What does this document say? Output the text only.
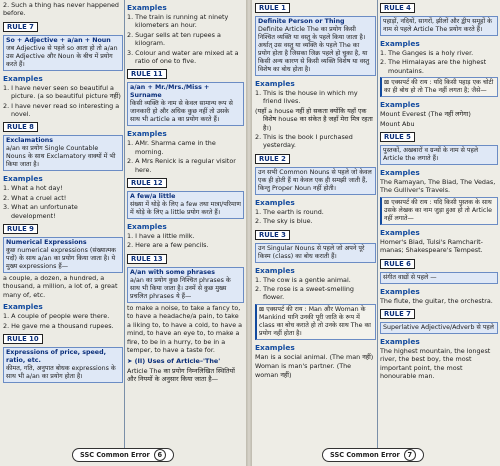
2. Such a thing has never happened before.
RULE 7
So + Adjective + a/an + Noun
जब Adjective से पहले so आता हो तो a/an उस Adjective और Noun के बीच में प्रयोग करते हैं।
Examples
1. I have never seen so beautiful a picture. (a so beautiful picture नहीं)
2. I have never read so interesting a novel.
RULE 8
Exclamations
a/an का प्रयोग Single Countable Nouns के साथ Exclamatory वाक्यों में भी किया जाता है।
Examples
1. What a hot day!
2. What a cruel act!
3. What an unfortunate development!
RULE 9
Numerical Expressions
कुछ numerical expressions (संख्यात्मक पदों) के साथ a/an का प्रयोग किया जाता है। ये मुख्य expressions हैं—
a couple, a dozen, a hundred, a thousand, a million, a lot of, a great many of, etc.
Examples
1. A couple of people were there.
2. He gave me a thousand rupees.
RULE 10
Expressions of price, speed, ratio, etc.
कीमत, गति, अनुपात बोधक expressions के साथ भी a/an का प्रयोग होता है।
Examples
1. The train is running at ninety kilometers an hour.
2. Sugar sells at ten rupees a kilogram.
3. Colour and water are mixed at a ratio of one to five.
RULE 11
a/an + Mr./Mrs./Miss + Surname
किसी व्यक्ति के नाम से केवल सामान्य रूप से जानकारी हो और अधिक कुछ नहीं तो उसके साथ भी article a का प्रयोग करते हैं।
Examples
1. AMr. Sharma came in the morning.
2. A Mrs Renick is a regular visitor here.
RULE 12
A few/a little
संख्या में थोड़े के लिए a few तथा मात्रा/परिमाण में थोड़े के लिए a little प्रयोग करते हैं।
Examples
1. I have a little milk.
2. Here are a few pencils.
RULE 13
A/an with some phrases
a/an का प्रयोग कुछ निश्चित phrases के साथ भी किया जाता है। उनमें से कुछ मुख्य प्रचलित phrases ये हैं—
to make a noise, to take a fancy to, to have a headache/a pain, to take a liking to, to have a cold, to have a mind, to have an eye to, to make a fire, to be in a hurry, to be in a temper, to have a taste for.
➤ (II) Uses of Article–'The'
Article The का प्रयोग निम्नलिखित स्थितियों और नियमों के अनुसार किया जाता है—
SSC Common Error 6
RULE 1
Definite Person or Thing
Definite Article The का प्रयोग किसी निश्चित व्यक्ति या वस्तु के पहले किया जाता है। अर्थात् उस वस्तु या व्यक्ति के पहले The का प्रयोग होता है जिसका जिक्र पहले हो चुका है, या किसी अन्य कारण से किसी व्यक्ति विशेष या वस्तु विशेष का बोध होता है।
Examples
1. This is the house in which my friend lives.
(यहाँ a house नहीं हो सकता क्योंकि यहाँ एक विशेष house का संकेत है जहाँ मेरा मित्र रहता है।)
2. This is the book I purchased yesterday.
RULE 2
उन सभी Common Nouns से पहले जो केवल एक ही होती हैं या केवल एक ही समझी जाती हैं, किन्तु Proper Noun नहीं होती।
Examples
1. The earth is round.
2. The sky is blue.
RULE 3
उन Singular Nouns से पहले जो अपने पूरे किस्म (class) का बोध कराती हैं।
Examples
1. The cow is a gentle animal.
2. The rose is a sweet-smelling flower.
⊠ एक्सपर्ट की राय : Man और Woman के Mankind यानि उनकी पूरी जाति के रूप में class का बोध कराते हो तो उनके साथ The का प्रयोग नहीं होता है।
Examples
Man is a social animal. (The man नहीं)
Woman is man's partner. (The woman नहीं)
RULE 4
पहाड़ों, नदियों, सागरों, झीलों और द्वीप समूहों के नाम से पहले Article The प्रयोग करते हैं।
Examples
1. The Ganges is a holy river.
2. The Himalayas are the highest mountains.
⊠ एक्सपर्ट की राय : यदि किसी पहाड़ एक चोटी का ही बोध हो तो The नहीं लगता है; जैसे—
Examples
Mount Everest (The नहीं लगेगा)
Mount Abu
RULE 5
पुस्तकों, अखबारों व ग्रन्थों के नाम से पहले Article the लगाते हैं।
Examples
The Ramayan, The Biad, The Vedas, The Gulliver's Travels.
⊠ एक्सपर्ट की राय : यदि किसी पुस्तक के साथ उसके लेखक का नाम जुड़ा हुआ हो तो Article नहीं लगाते—
Examples
Homer's Biad, Tulsi's Ramcharit-manas; Shakespeare's Tempest.
RULE 6
संगीत वाद्यों से पहले —
Examples
The flute, the guitar, the orchestra.
RULE 7
Superlative Adjective/Adverb से पहले
Examples
The highest mountain, the longest river, the best boy, the most important point, the most honourable man.
SSC Common Error 7
